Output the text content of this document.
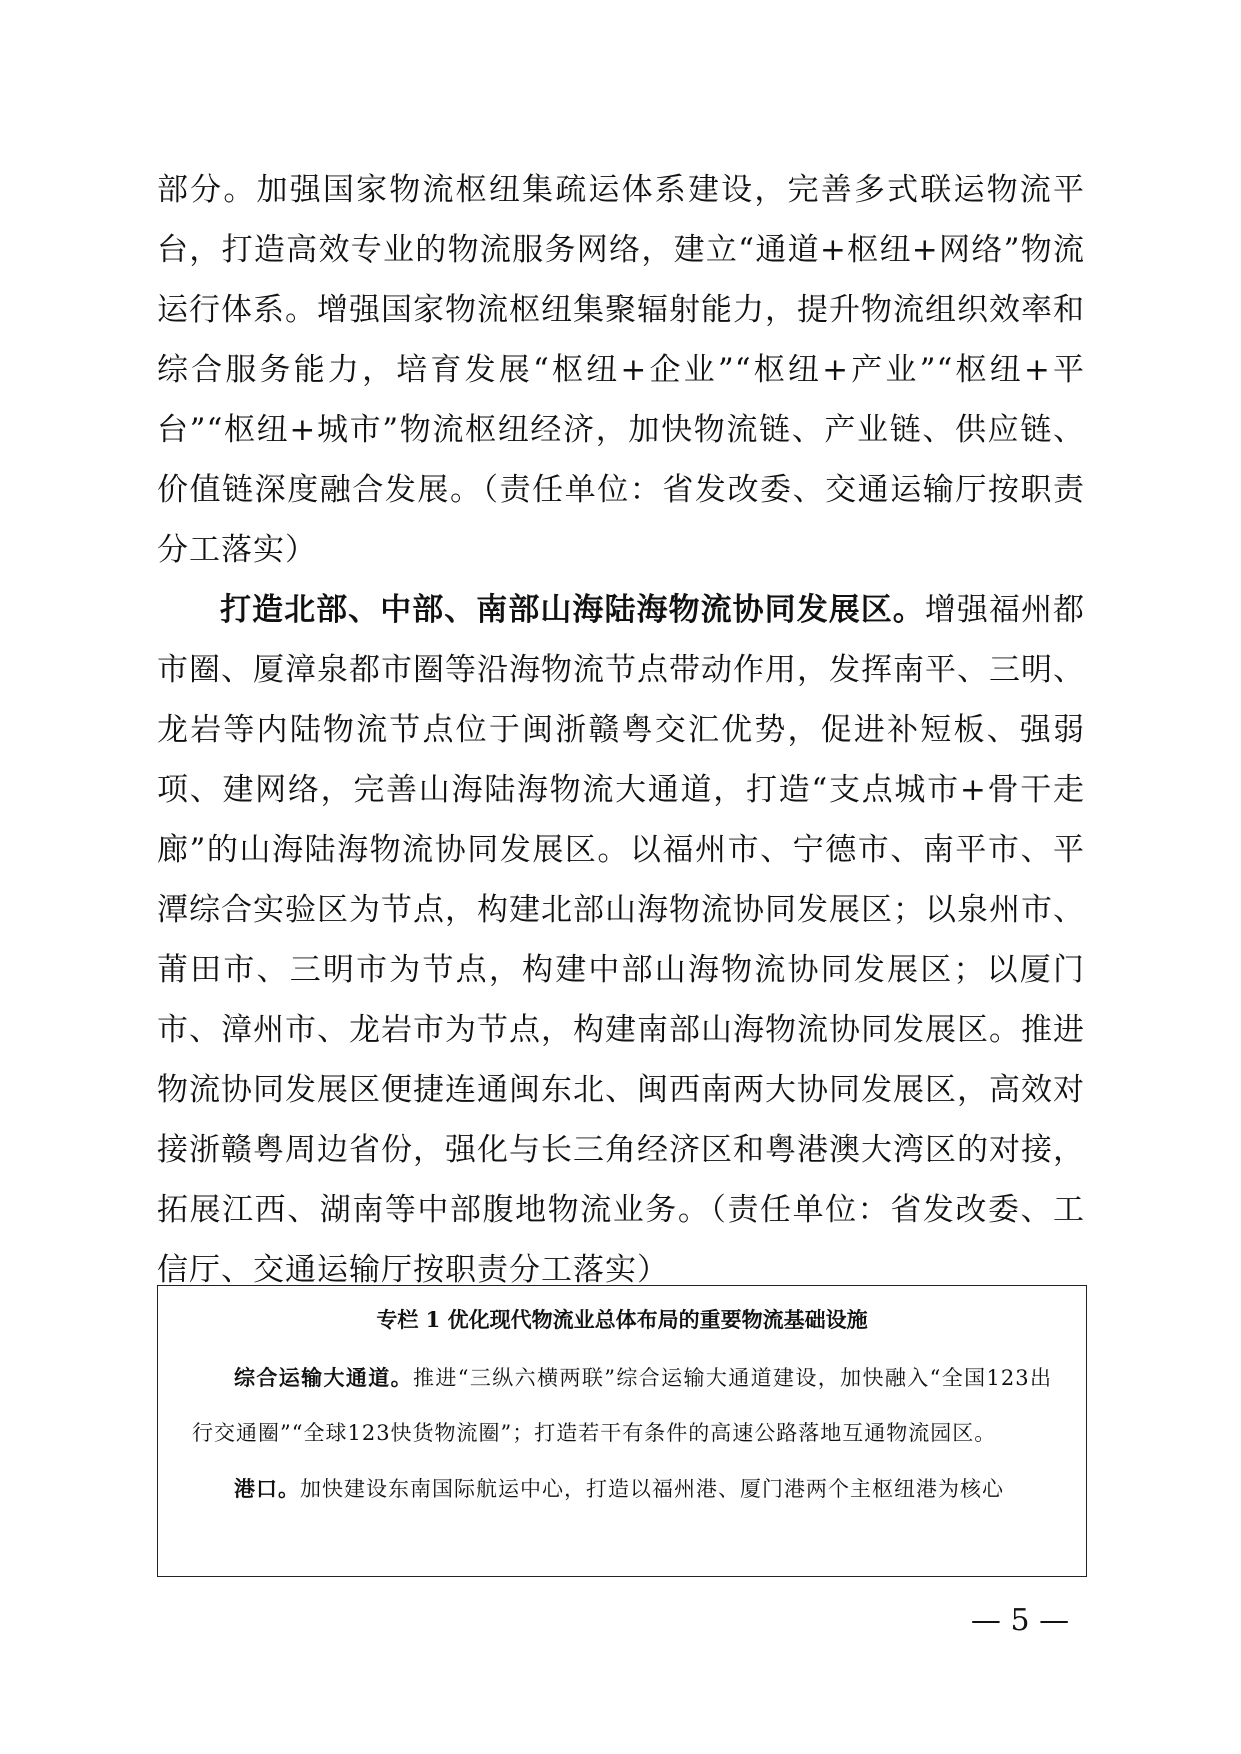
部分。加强国家物流枢纽集疏运体系建设，完善多式联运物流平台，打造高效专业的物流服务网络，建立“通道+枢纽+网络”物流运行体系。增强国家物流枢纽集聚辐射能力，提升物流组织效率和综合服务能力，培育发展“枢纽+企业”“枢纽+产业”“枢纽+平台”“枢纽+城市”物流枢纽经济，加快物流链、产业链、供应链、价值链深度融合发展。（责任单位：省发改委、交通运输厅按职责分工落实）

打造北部、中部、南部山海陆海物流协同发展区。增强福州都市圈、厦漳泉都市圈等沿海物流节点带动作用，发挥南平、三明、龙岩等内陆物流节点位于闽浙赣粤交汇优势，促进补短板、强弱项、建网络，完善山海陆海物流大通道，打造“支点城市+骨干走廊”的山海陆海物流协同发展区。以福州市、宁德市、南平市、平潭综合实验区为节点，构建北部山海物流协同发展区；以泉州市、莆田市、三明市为节点，构建中部山海物流协同发展区；以厦门市、漳州市、龙岩市为节点，构建南部山海物流协同发展区。推进物流协同发展区便捷连通闽东北、闽西南两大协同发展区，高效对接浙赣粤周边省份，强化与长三角经济区和粤港澳大湾区的对接，拓展江西、湖南等中部腹地物流业务。（责任单位：省发改委、工信厅、交通运输厅按职责分工落实）

专栏 1 优化现代物流业总体布局的重要物流基础设施

综合运输大通道。推进“三纵六横两联”综合运输大通道建设，加快融入“全国123出行交通圈”“全球123快货物流圈”；打造若干有条件的高速公路落地互通物流园区。

港口。加快建设东南国际航运中心，打造以福州港、厦门港两个主枢纽港为核心

— 5 —
